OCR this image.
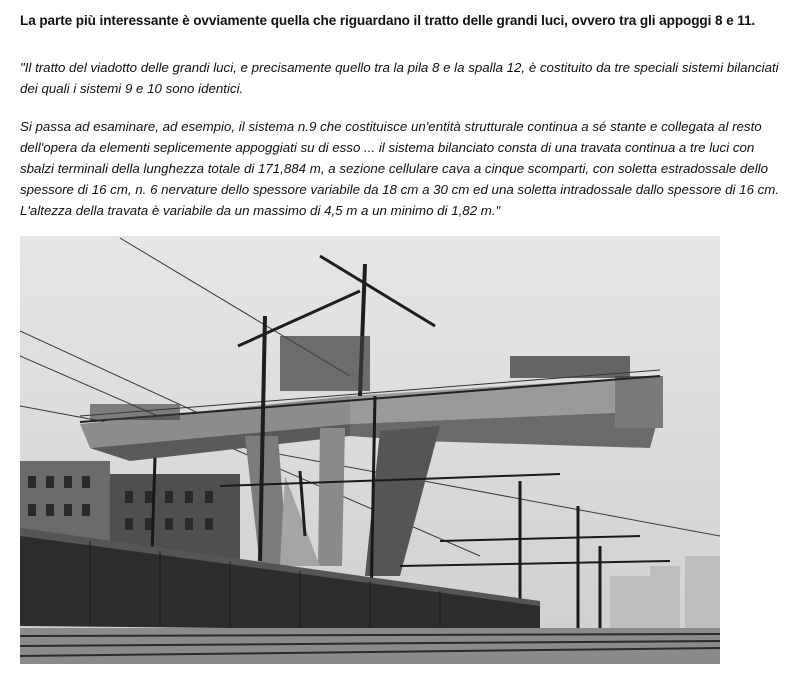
La parte più interessante è ovviamente quella che riguardano il tratto delle grandi luci, ovvero tra gli appoggi 8 e 11.
"Il tratto del viadotto delle grandi luci, e precisamente quello tra la pila 8 e la spalla 12, è costituito da tre speciali sistemi bilanciati dei quali i sistemi 9 e 10 sono identici.
Si passa ad esaminare, ad esempio, il sistema n.9 che costituisce un'entità strutturale continua a sé stante e collegata al resto dell'opera da elementi seplicemente appoggiati su di esso ... il sistema bilanciato consta di una travata continua a tre luci con sbalzi terminali della lunghezza totale di 171,884 m, a sezione cellulare cava a cinque scomparti, con soletta estradossale dello spessore di 16 cm, n. 6 nervature dello spessore variabile da 18 cm a 30 cm ed una soletta intradossale dallo spessore di 16 cm. L'altezza della travata è variabile da un massimo di 4,5 m a un minimo di 1,82 m."
